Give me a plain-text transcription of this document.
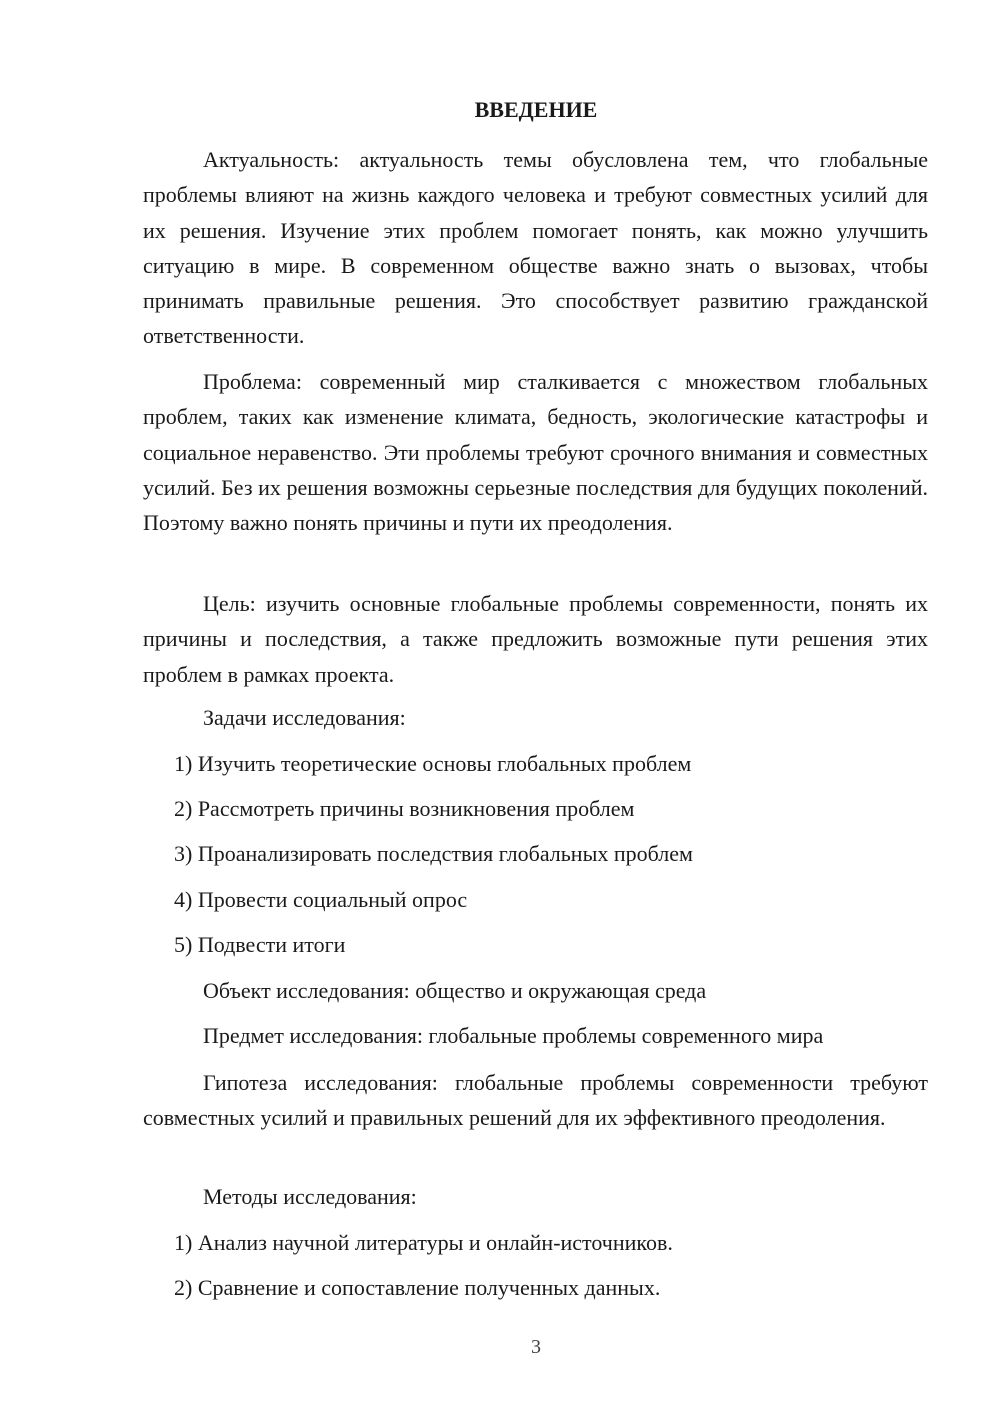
ВВЕДЕНИЕ

Актуальность: актуальность темы обусловлена тем, что глобальные проблемы влияют на жизнь каждого человека и требуют совместных усилий для их решения. Изучение этих проблем помогает понять, как можно улучшить ситуацию в мире. В современном обществе важно знать о вызовах, чтобы принимать правильные решения. Это способствует развитию гражданской ответственности.

Проблема: современный мир сталкивается с множеством глобальных проблем, таких как изменение климата, бедность, экологические катастрофы и социальное неравенство. Эти проблемы требуют срочного внимания и совместных усилий. Без их решения возможны серьезные последствия для будущих поколений. Поэтому важно понять причины и пути их преодоления.

Цель: изучить основные глобальные проблемы современности, понять их причины и последствия, а также предложить возможные пути решения этих проблем в рамках проекта.

Задачи исследования:
1) Изучить теоретические основы глобальных проблем
2) Рассмотреть причины возникновения проблем
3) Проанализировать последствия глобальных проблем
4) Провести социальный опрос
5) Подвести итоги
Объект исследования: общество и окружающая среда
Предмет исследования: глобальные проблемы современного мира

Гипотеза исследования: глобальные проблемы современности требуют совместных усилий и правильных решений для их эффективного преодоления.

Методы исследования:
1) Анализ научной литературы и онлайн-источников.
2) Сравнение и сопоставление полученных данных.
3
